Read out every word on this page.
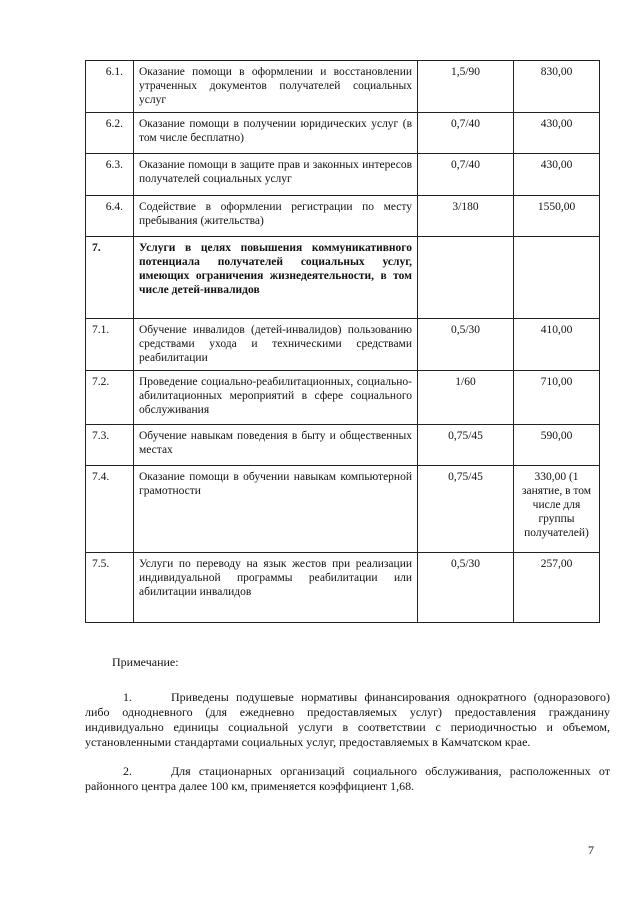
6.1.	Оказание помощи в оформлении и восстановлении утраченных документов получателей социальных услуг	1,5/90	830,00
6.2.	Оказание помощи в получении юридических услуг (в том числе бесплатно)	0,7/40	430,00
6.3.	Оказание помощи в защите прав и законных интересов получателей социальных услуг	0,7/40	430,00
6.4.	Содействие в оформлении регистрации по месту пребывания (жительства)	3/180	1550,00
7.	Услуги в целях повышения коммуникативного потенциала получателей социальных услуг, имеющих ограничения жизнедеятельности, в том числе детей-инвалидов		
7.1.	Обучение инвалидов (детей-инвалидов) пользованию средствами ухода и техническими средствами реабилитации	0,5/30	410,00
7.2.	Проведение социально-реабилитационных, социально-абилитационных мероприятий в сфере социального обслуживания	1/60	710,00
7.3.	Обучение навыкам поведения в быту и общественных местах	0,75/45	590,00
7.4.	Оказание помощи в обучении навыкам компьютерной грамотности	0,75/45	330,00 (1 занятие, в том числе для группы получателей)
7.5.	Услуги по переводу на язык жестов при реализации индивидуальной программы реабилитации или абилитации инвалидов	0,5/30	257,00
Примечание:
1.	Приведены подушевые нормативы финансирования однократного (одноразового) либо одноднeвного (для ежедневно предоставляемых услуг) предоставления гражданину индивидуально единицы социальной услуги в соответствии с периодичностью и объемом, установленными стандартами социальных услуг, предоставляемых в Камчатском крае.
2.	Для стационарных организаций социального обслуживания, расположенных от районного центра далее 100 км, применяется коэффициент 1,68.
7
